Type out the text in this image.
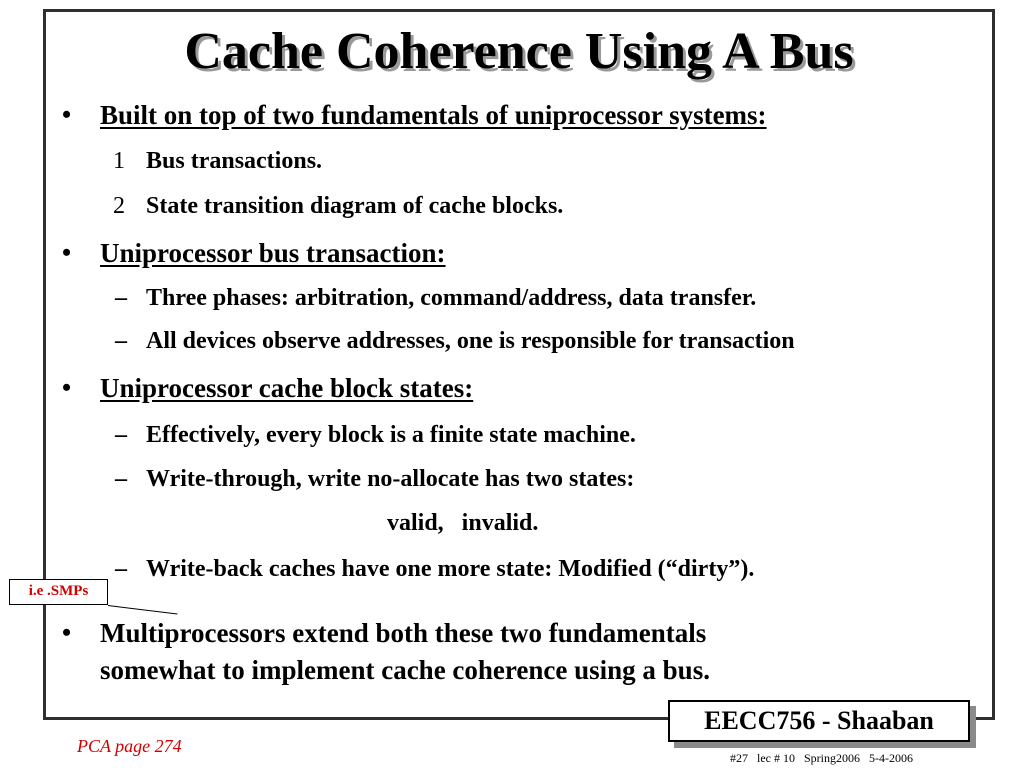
Cache Coherence Using A Bus
• Built on top of two fundamentals of uniprocessor systems:
1 Bus transactions.
2 State transition diagram of cache blocks.
• Uniprocessor bus transaction:
– Three phases: arbitration, command/address, data transfer.
– All devices observe addresses, one is responsible for transaction
• Uniprocessor cache block states:
– Effectively, every block is a finite state machine.
– Write-through, write no-allocate has two states:
valid,   invalid.
– Write-back caches have one more state: Modified (“dirty”).
• Multiprocessors extend both these two fundamentals
somewhat to implement cache coherence using a bus.
i.e .SMPs
PCA page 274
EECC756 - Shaaban
#27   lec # 10   Spring2006   5-4-2006
